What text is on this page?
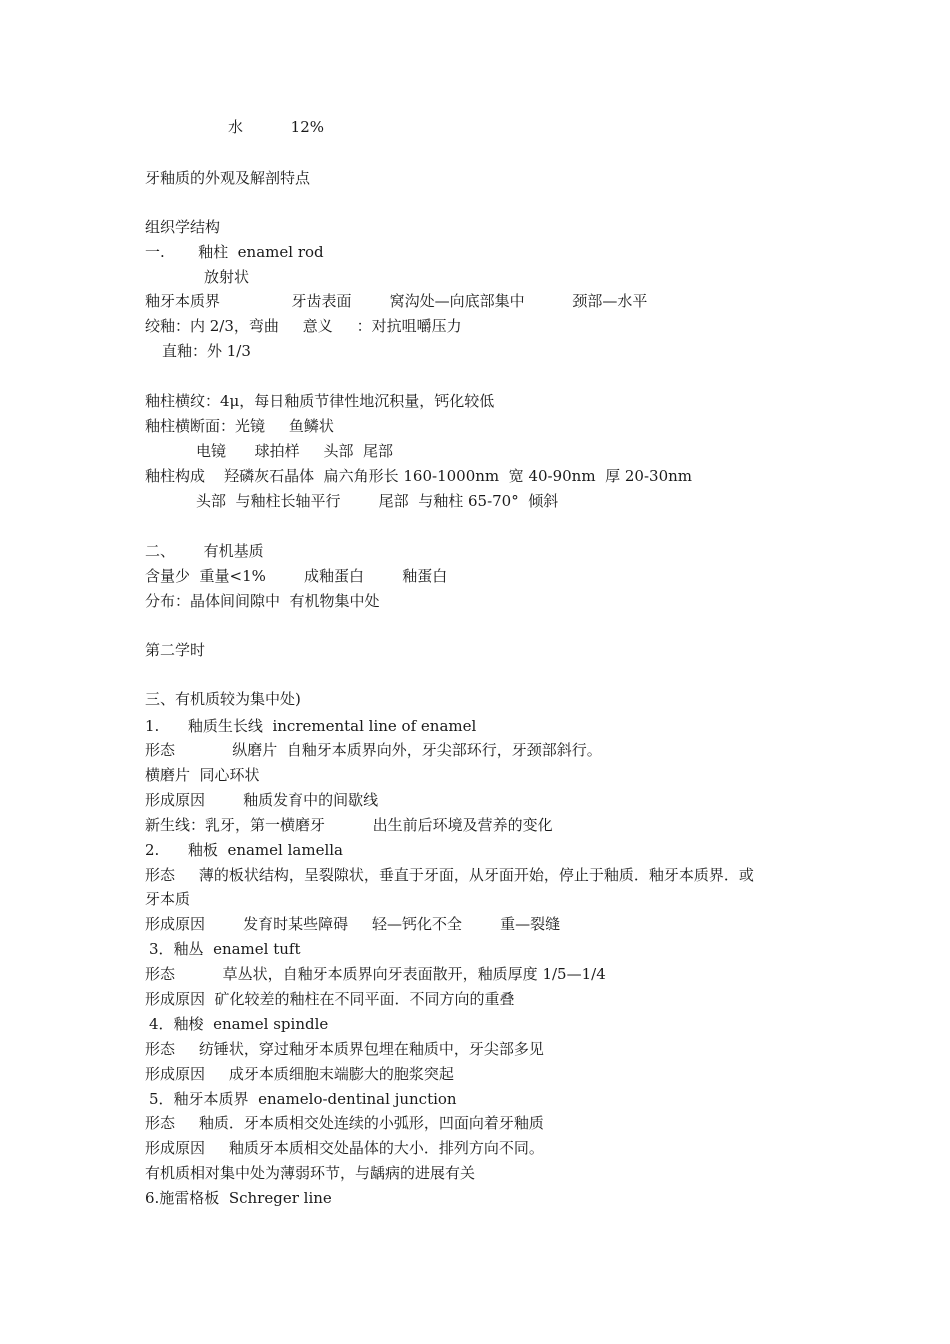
水          12%
牙釉质的外观及解剖特点
组织学结构
一.       釉柱  enamel rod
放射状
釉牙本质界               牙齿表面        窝沟处—向底部集中          颈部—水平
绞釉：内 2/3，弯曲     意义     ：对抗咀嚼压力
直釉：外 1/3
釉柱横纹：4μ，每日釉质节律性地沉积量，钙化较低
釉柱横断面：光镜     鱼鳞状
电镜      球拍样     头部  尾部
釉柱构成    羟磷灰石晶体  扁六角形长 160-1000nm  宽 40-90nm  厚 20-30nm
头部  与釉柱长轴平行        尾部  与釉柱 65-70°  倾斜
二、      有机基质
含量少  重量<1%        成釉蛋白        釉蛋白
分布：晶体间间隙中  有机物集中处
第二学时
三、有机质较为集中处)
1.      釉质生长线  incremental line of enamel
形态            纵磨片  自釉牙本质界向外，牙尖部环行，牙颈部斜行。
横磨片  同心环状
形成原因        釉质发育中的间歇线
新生线：乳牙，第一横磨牙          出生前后环境及营养的变化
2.      釉板  enamel lamella
形态     薄的板状结构，呈裂隙状，垂直于牙面，从牙面开始，停止于釉质．釉牙本质界．或
牙本质
形成原因        发育时某些障碍     轻—钙化不全        重—裂缝
3．釉丛  enamel tuft
形态          草丛状，自釉牙本质界向牙表面散开，釉质厚度 1/5—1/4
形成原因  矿化较差的釉柱在不同平面．不同方向的重叠
4．釉梭  enamel spindle
形态     纺锤状，穿过釉牙本质界包埋在釉质中，牙尖部多见
形成原因     成牙本质细胞末端膨大的胞浆突起
5．釉牙本质界  enamelo-dentinal junction
形态     釉质．牙本质相交处连续的小弧形，凹面向着牙釉质
形成原因     釉质牙本质相交处晶体的大小．排列方向不同。
有机质相对集中处为薄弱环节，与龋病的进展有关
6.施雷格板  Schreger line
